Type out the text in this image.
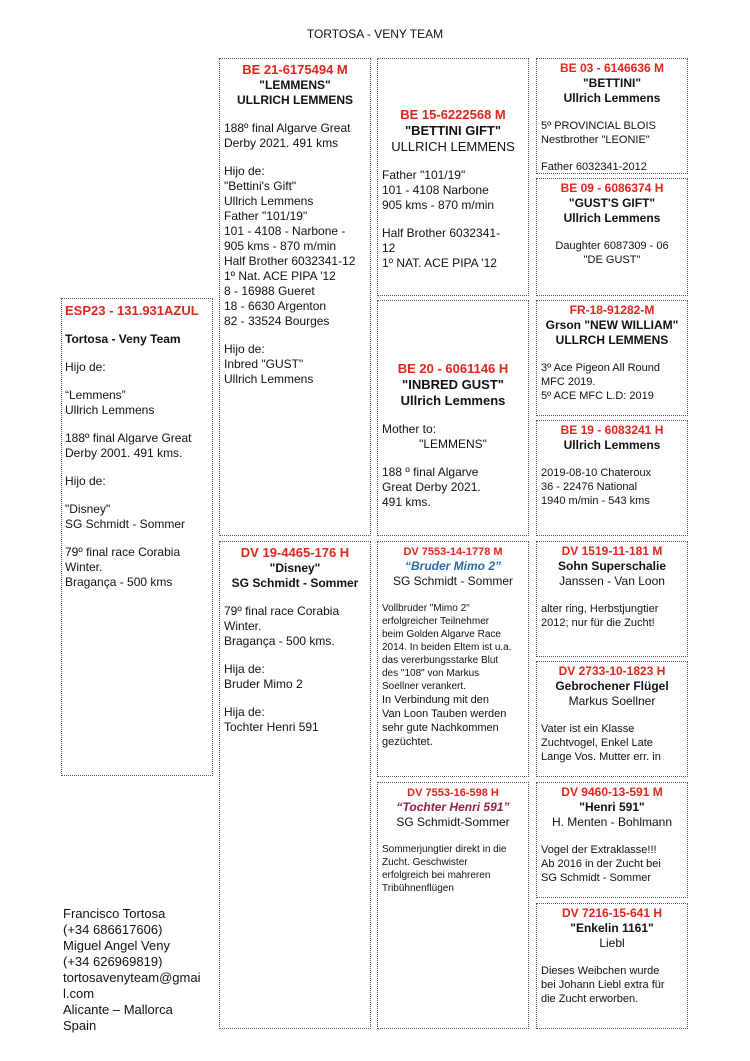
TORTOSA - VENY TEAM
ESP23 - 131.931AZUL
Tortosa - Veny Team
Hijo de:
“Lemmens”
Ullrich Lemmens
188º final Algarve Great Derby 2001. 491 kms.
Hijo de:
"Disney"
SG Schmidt - Sommer
79º final race Corabia Winter.
Bragança - 500 kms
Francisco Tortosa
(+34 686617606)
Miguel Angel Veny
(+34 626969819)
tortosavenyteam@gmai
l.com
Alicante – Mallorca
Spain
BE 21-6175494 M
"LEMMENS"
ULLRICH LEMMENS
188º final Algarve Great Derby 2021. 491 kms
Hijo de:
"Bettini's Gift"
Ullrich Lemmens
Father "101/19"
101 - 4108 - Narbone -
905 kms - 870 m/min
Half Brother 6032341-12
1º Nat. ACE PIPA '12
8 - 16988 Gueret
18 - 6630 Argenton
82 - 33524 Bourges
Hijo de:
Inbred "GUST"
Ullrich Lemmens
DV 19-4465-176 H
"Disney"
SG Schmidt - Sommer
79º final race Corabia Winter.
Bragança - 500 kms.
Hija de:
Bruder Mimo 2
Hija de:
Tochter Henri 591
BE 15-6222568 M
"BETTINI GIFT"
ULLRICH LEMMENS
Father "101/19"
101 - 4108 Narbone
905 kms - 870 m/min
Half Brother 6032341-
12
1º NAT. ACE PIPA '12
BE 20 - 6061146 H
"INBRED GUST"
Ullrich Lemmens
Mother to:
"LEMMENS"
188 º final Algarve
Great Derby 2021.
491 kms.
DV 7553-14-1778 M
“Bruder Mimo 2”
SG Schmidt - Sommer
Vollbruder "Mimo 2"
erfolgreicher Teilnehmer
beim Golden Algarve Race
2014. In beiden Eltem ist u.a.
das vererbungsstarke Blut
des "108" von Markus
Soellner verankert.
In Verbindung mit den
Van Loon Tauben werden
sehr gute Nachkommen
gezüchtet.
DV 7553-16-598 H
“Tochter Henri 591”
SG Schmidt-Sommer
Sommerjungtier direkt in die
Zucht. Geschwister
erfolgreich bei mahreren
Tribühnenflügen
BE 03 - 6146636 M
"BETTINI"
Ullrich Lemmens
5º PROVINCIAL BLOIS
Nestbrother "LEONIE"
Father 6032341-2012
BE 09 - 6086374 H
"GUST'S GIFT"
Ullrich Lemmens
Daughter 6087309 - 06
"DE GUST"
FR-18-91282-M
Grson "NEW WILLIAM"
ULLRCH LEMMENS
3º Ace Pigeon All Round
MFC 2019.
5º ACE MFC L.D: 2019
BE 19 - 6083241 H
Ullrich Lemmens
2019-08-10 Chateroux
36 - 22476 National
1940 m/min - 543 kms
DV 1519-11-181 M
Sohn Superschalie
Janssen - Van Loon
alter ring, Herbstjungtier
2012; nur für die Zucht!
DV 2733-10-1823 H
Gebrochener Flügel
Markus Soellner
Vater ist ein Klasse
Zuchtvogel, Enkel Late
Lange Vos. Mutter err. in
DV 9460-13-591 M
"Henri 591"
H. Menten - Bohlmann
Vogel der Extraklasse!!!
Ab 2016 in der Zucht bei
SG Schmidt - Sommer
DV 7216-15-641 H
"Enkelin 1161"
Liebl
Dieses Weibchen wurde
bei Johann Liebl extra für
die Zucht erworben.
